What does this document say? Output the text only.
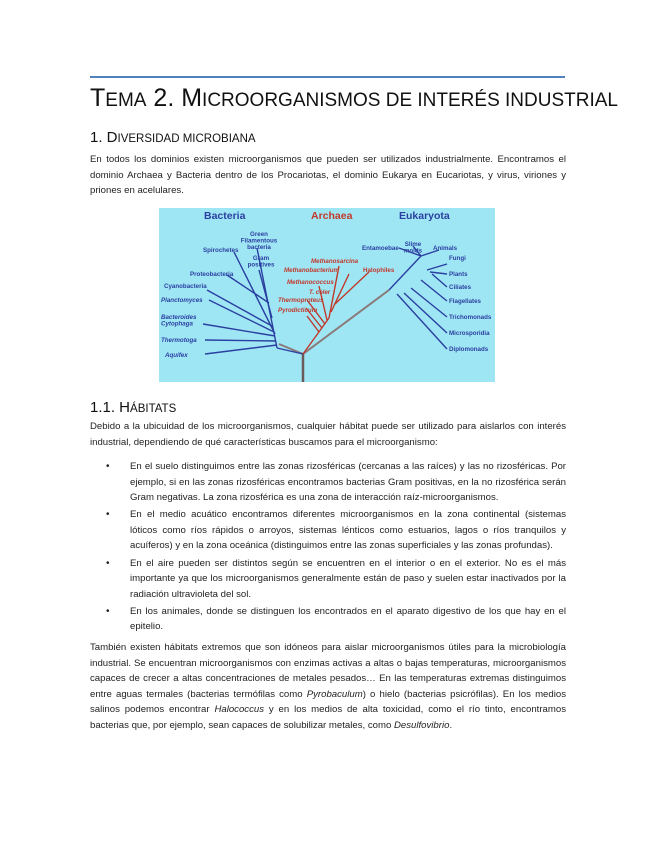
TEMA 2. MICROORGANISMOS DE INTERÉS INDUSTRIAL
1. DIVERSIDAD MICROBIANA
En todos los dominios existen microorganismos que pueden ser utilizados industrialmente. Encontramos el dominio Archaea y Bacteria dentro de los Procariotas, el dominio Eukarya en Eucariotas, y virus, viriones y priones en acelulares.
Bacteria	Archaea	Eukaryota
Green Filamentous bacteria
Spirochetes
Gram positives
Proteobacteria
Cyanobacteria
Planctomyces
Bacteroides Cytophaga
Thermotoga
Aquifex
Methanosarcina
Methanobacterium	Halophiles
Methanococcus
T. celer
Thermoproteus
Pyrodicticum
Entamoebae
Slime molds Animals
Fungi
Plants
Ciliates
Flagellates
Trichomonads
Microsporidia
Diplomonads
1.1. HÁBITATS
Debido a la ubicuidad de los microorganismos, cualquier hábitat puede ser utilizado para aislarlos con interés industrial, dependiendo de qué características buscamos para el microorganismo:
• En el suelo distinguimos entre las zonas rizosféricas (cercanas a las raíces) y las no rizosféricas. Por ejemplo, si en las zonas rizosféricas encontramos bacterias Gram positivas, en la no rizosférica serán Gram negativas. La zona rizosférica es una zona de interacción raíz-microorganismos.
• En el medio acuático encontramos diferentes microorganismos en la zona continental (sistemas lóticos como ríos rápidos o arroyos, sistemas lénticos como estuarios, lagos o ríos tranquilos y acuíferos) y en la zona oceánica (distinguimos entre las zonas superficiales y las zonas profundas).
• En el aire pueden ser distintos según se encuentren en el interior o en el exterior. No es el más importante ya que los microorganismos generalmente están de paso y suelen estar inactivados por la radiación ultravioleta del sol.
• En los animales, donde se distinguen los encontrados en el aparato digestivo de los que hay en el epitelio.
También existen hábitats extremos que son idóneos para aislar microorganismos útiles para la microbiología industrial. Se encuentran microorganismos con enzimas activas a altas o bajas temperaturas, microorganismos capaces de crecer a altas concentraciones de metales pesados… En las temperaturas extremas distinguimos entre aguas termales (bacterias termófilas como Pyrobaculum) o hielo (bacterias psicrófilas). En los medios salinos podemos encontrar Halococcus y en los medios de alta toxicidad, como el río tinto, encontramos bacterias que, por ejemplo, sean capaces de solubilizar metales, como Desulfovibrio.
